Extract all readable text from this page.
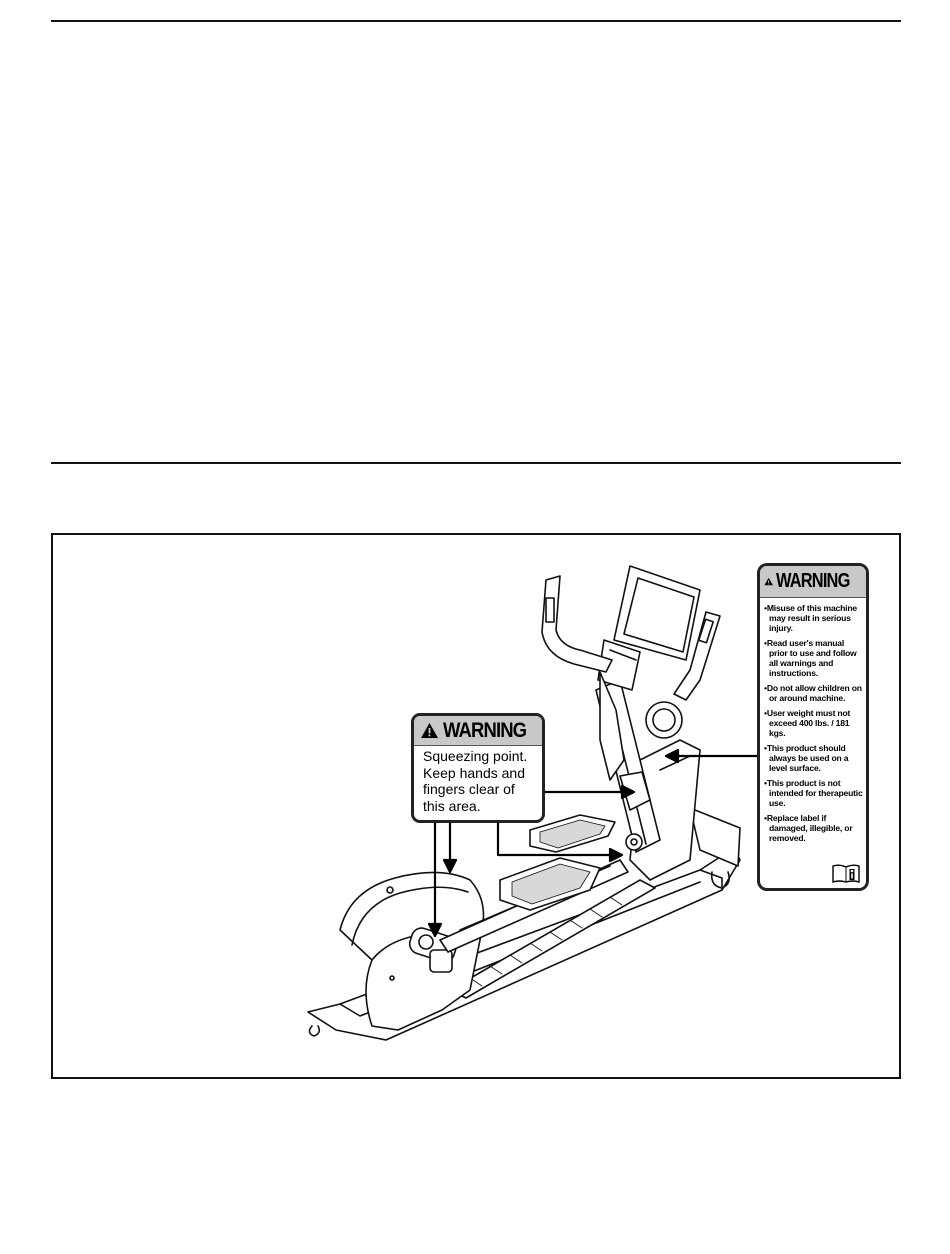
WARNING
Squeezing point.
Keep hands and
fingers clear of
this area.
WARNING
• Misuse of this machine may result in serious injury.
• Read user's manual prior to use and follow all warnings and instructions.
• Do not allow children on or around machine.
• User weight must not exceed 400 lbs. / 181 kgs.
• This product should always be used on a level surface.
• This product is not intended for therapeutic use.
• Replace label if damaged, illegible, or removed.
